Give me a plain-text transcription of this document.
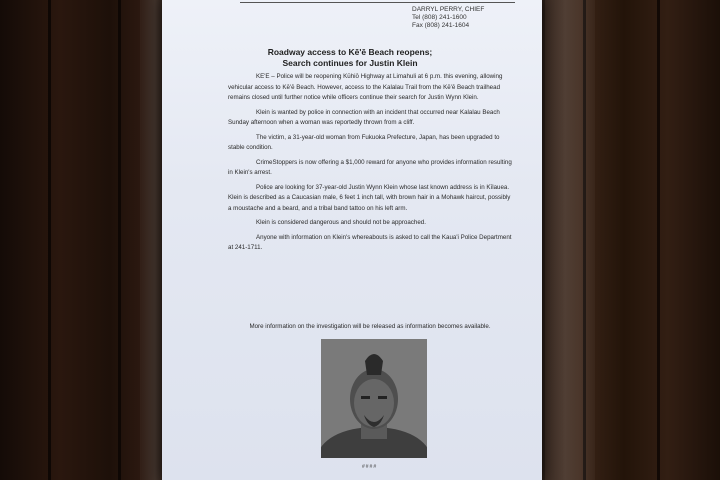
DARRYL PERRY, CHIEF
Tel (808) 241-1600
Fax (808) 241-1604
Roadway access to Kē'ē Beach reopens;
Search continues for Justin Klein

KE'E – Police will be reopening Kūhiō Highway at Limahuli at 6 p.m. this evening, allowing vehicular access to Kē'ē Beach. However, access to the Kalalau Trail from the Kē'ē Beach trailhead remains closed until further notice while officers continue their search for Justin Wynn Klein.

Klein is wanted by police in connection with an incident that occurred near Kalalau Beach Sunday afternoon when a woman was reportedly thrown from a cliff.

The victim, a 31-year-old woman from Fukuoka Prefecture, Japan, has been upgraded to stable condition.

CrimeStoppers is now offering a $1,000 reward for anyone who provides information resulting in Klein's arrest.

Police are looking for 37-year-old Justin Wynn Klein whose last known address is in Kīlauea. Klein is described as a Caucasian male, 6 feet 1 inch tall, with brown hair in a Mohawk haircut, possibly a moustache and a beard, and a tribal band tattoo on his left arm.

Klein is considered dangerous and should not be approached.

Anyone with information on Klein's whereabouts is asked to call the Kaua'i Police Department at 241-1711.

More information on the investigation will be released as information becomes available.
####
